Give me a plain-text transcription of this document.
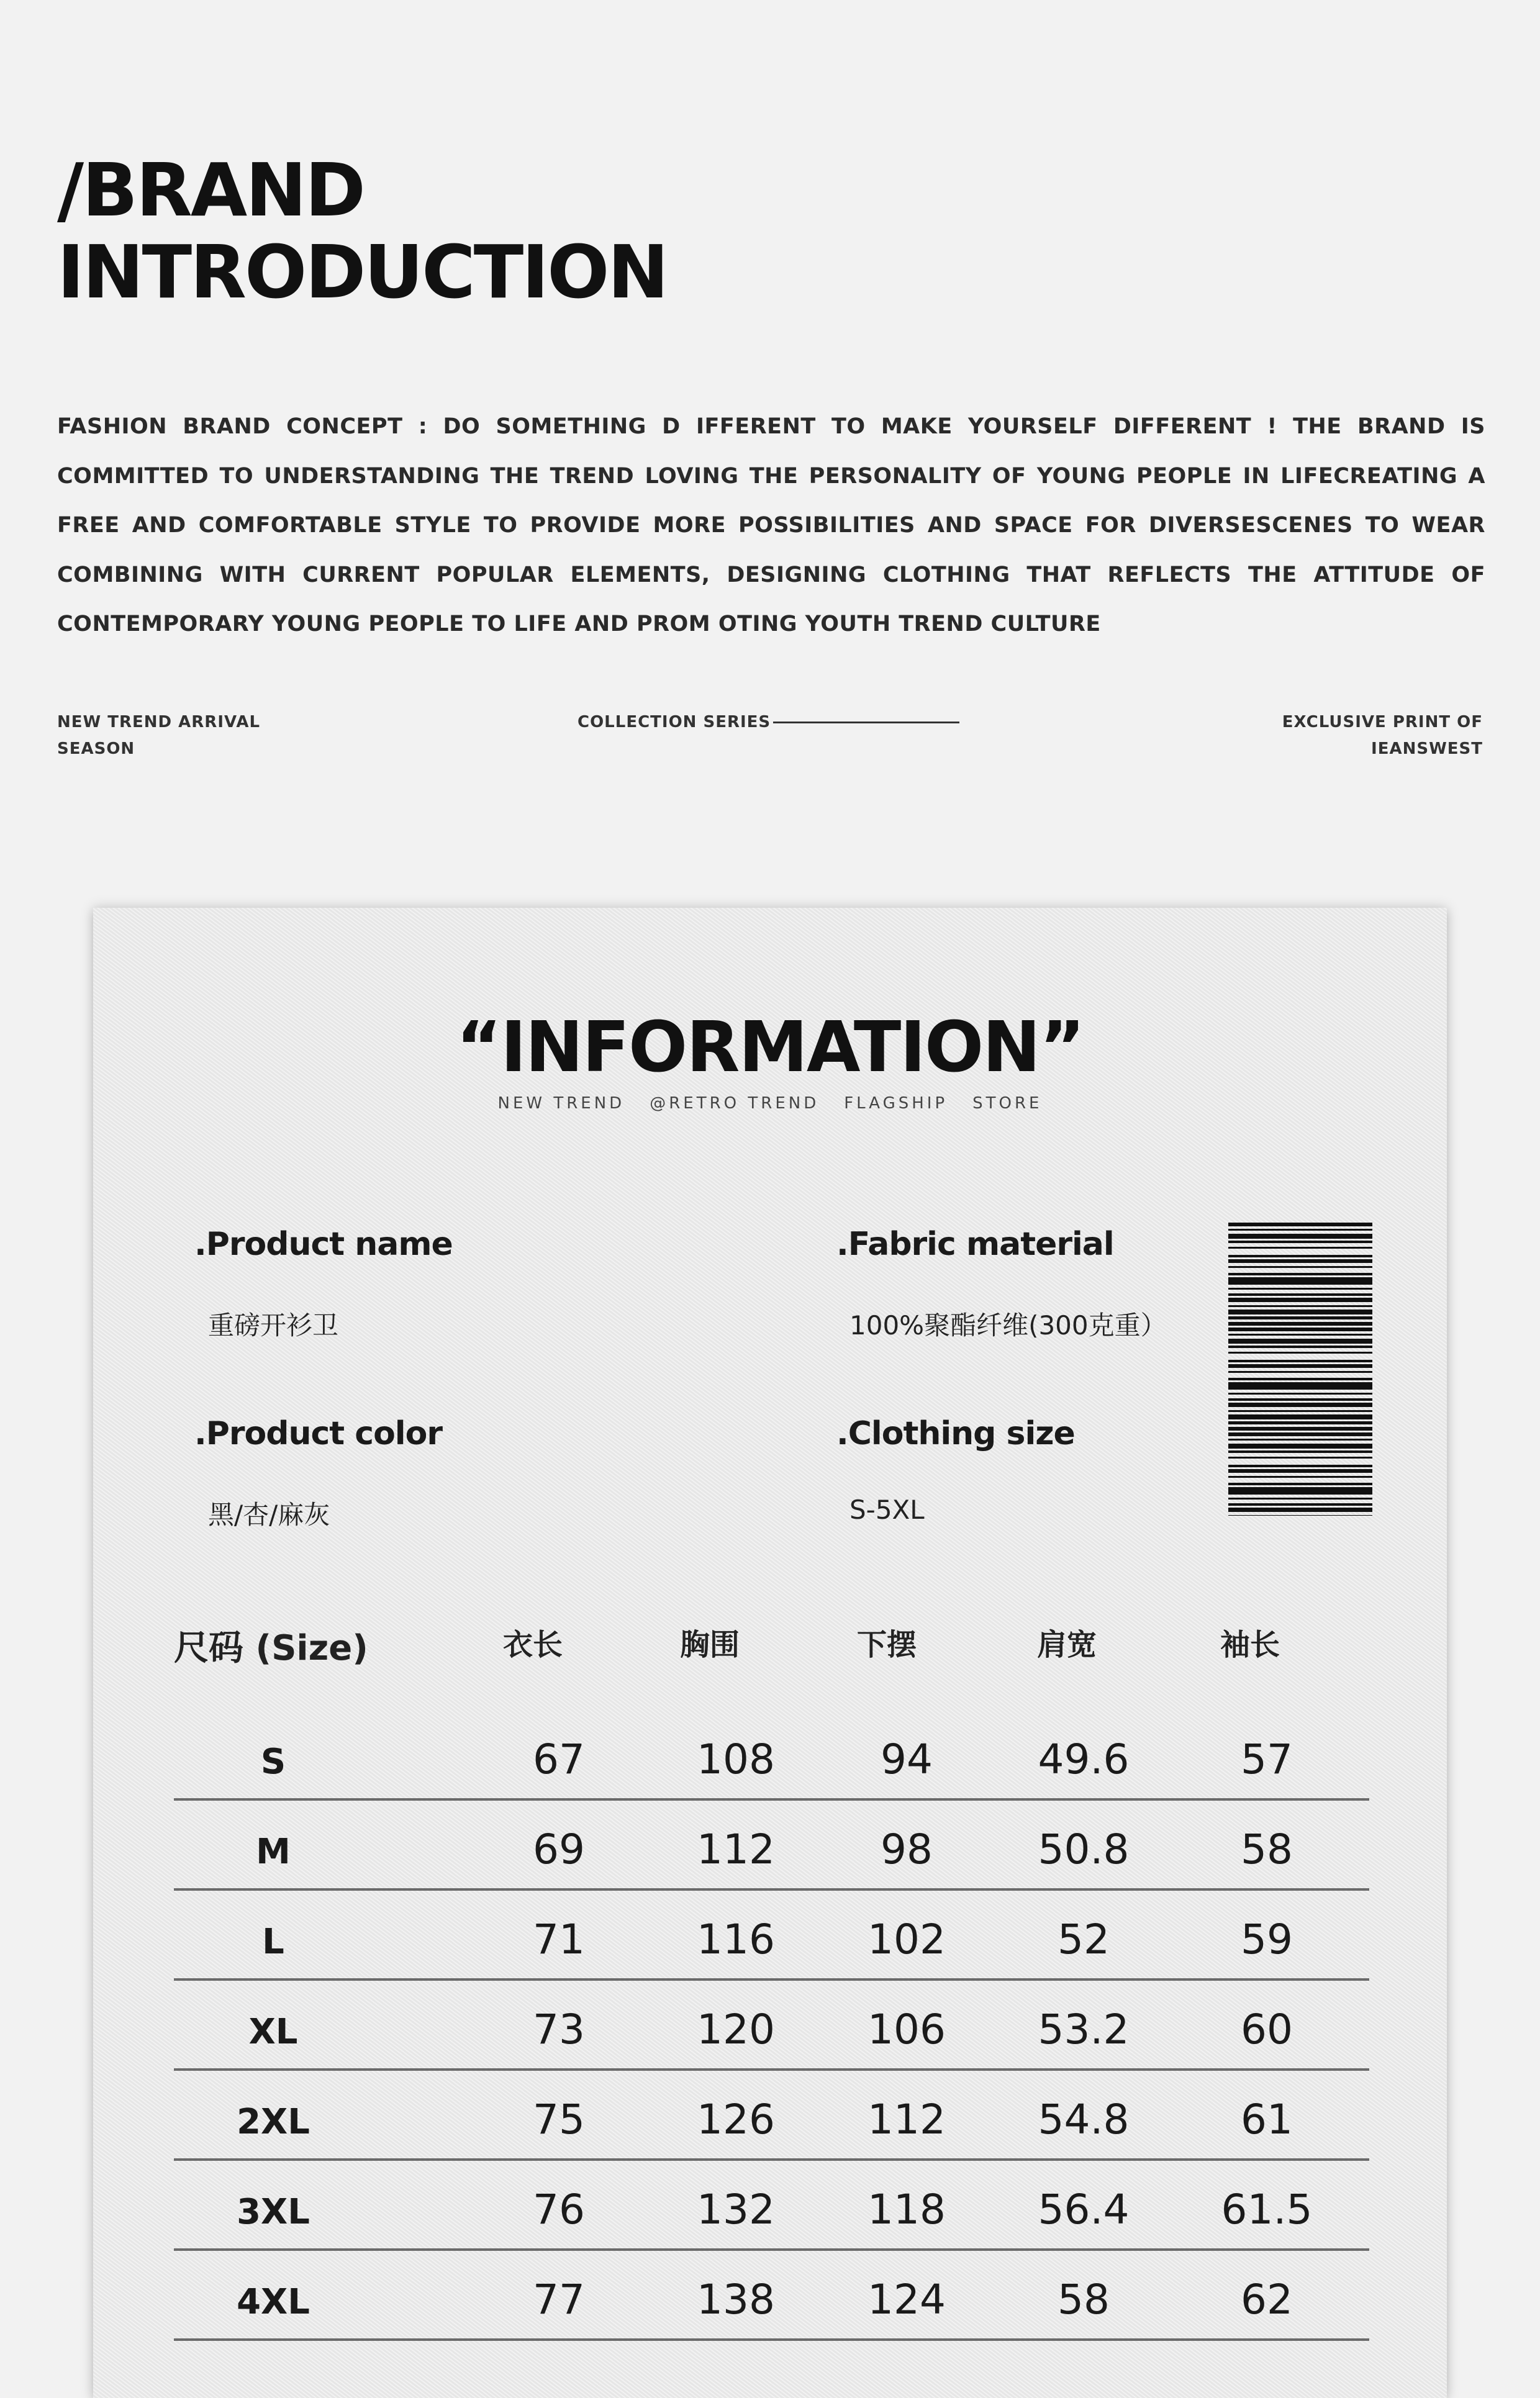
/BRAND
INTRODUCTION

FASHION BRAND CONCEPT : DO SOMETHING D IFFERENT TO MAKE YOURSELF DIFFERENT ! THE BRAND IS COMMITTED TO UNDERSTANDING THE TREND LOVING THE PERSONALITY OF YOUNG PEOPLE IN LIFECREATING A FREE AND COMFORTABLE STYLE TO PROVIDE MORE POSSIBILITIES AND SPACE FOR DIVERSESCENES TO WEAR COMBINING WITH CURRENT POPULAR ELEMENTS, DESIGNING CLOTHING THAT REFLECTS THE ATTITUDE OF CONTEMPORARY YOUNG PEOPLE TO LIFE AND PROM OTING YOUTH TREND CULTURE

NEW TREND ARRIVAL
SEASON
COLLECTION SERIES	EXCLUSIVE PRINT OF
IEANSWEST
“INFORMATION”
NEW TREND @RETRO TREND FLAGSHIP STORE
.Product name
重磅开衫卫
.Fabric material
100%聚酯纤维(300克重）
.Product color
黑/杏/麻灰
.Clothing size
S-5XL
尺码 (Size)	衣长	胸围	下摆	肩宽	袖长
S	67	108	94	49.6	57
M	69	112	98	50.8	58
L	71	116	102	52	59
XL	73	120	106	53.2	60
2XL	75	126	112	54.8	61
3XL	76	132	118	56.4	61.5
4XL	77	138	124	58	62
